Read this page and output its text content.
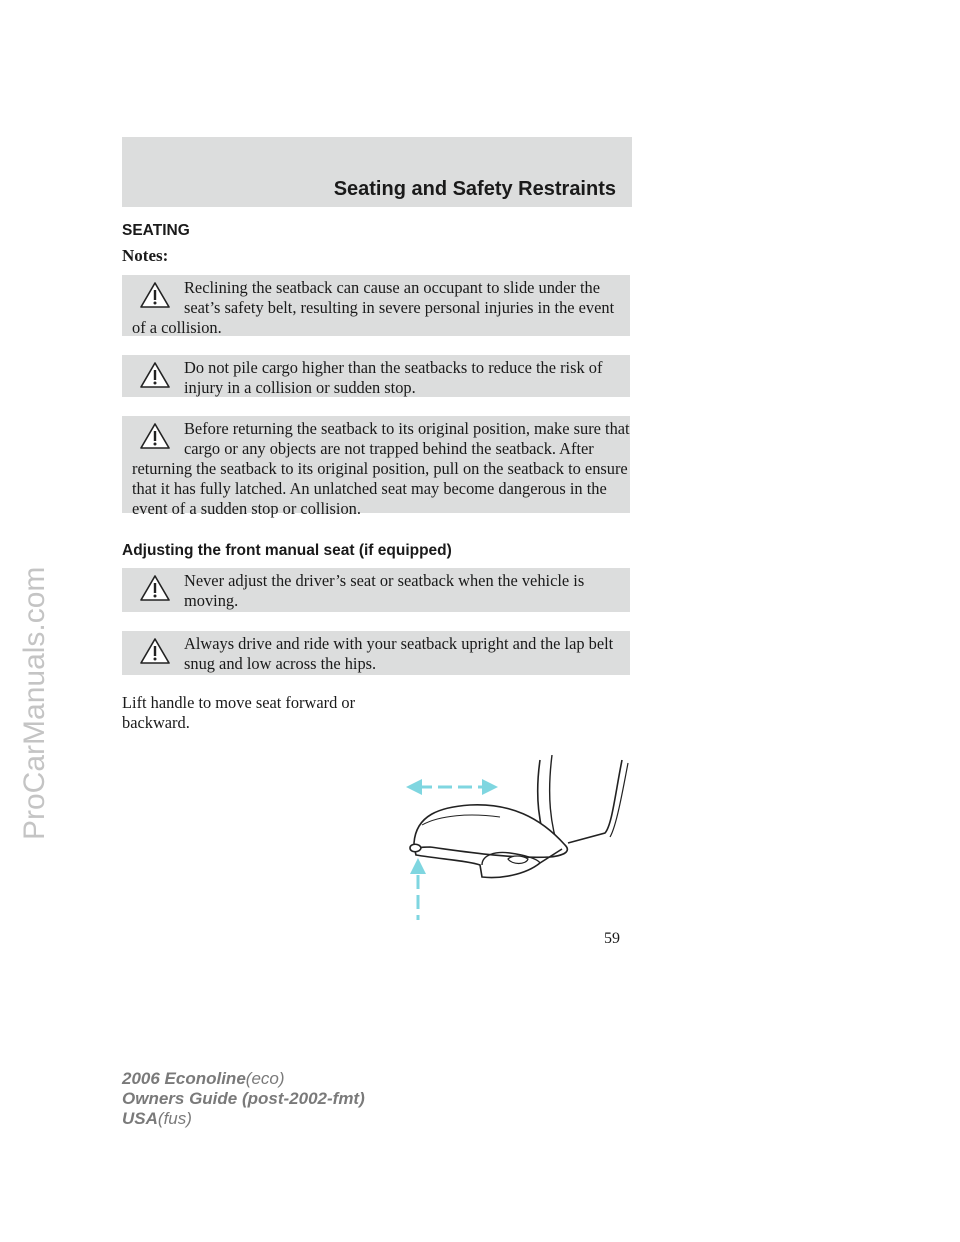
ProCarManuals.com
Seating and Safety Restraints
SEATING
Notes:
Reclining the seatback can cause an occupant to slide under the seat’s safety belt, resulting in severe personal injuries in the event of a collision.
Do not pile cargo higher than the seatbacks to reduce the risk of injury in a collision or sudden stop.
Before returning the seatback to its original position, make sure that cargo or any objects are not trapped behind the seatback. After returning the seatback to its original position, pull on the seatback to ensure that it has fully latched. An unlatched seat may become dangerous in the event of a sudden stop or collision.
Adjusting the front manual seat (if equipped)
Never adjust the driver’s seat or seatback when the vehicle is moving.
Always drive and ride with your seatback upright and the lap belt snug and low across the hips.
Lift handle to move seat forward or backward.
59
2006 Econoline(eco)
Owners Guide (post-2002-fmt)
USA(fus)
